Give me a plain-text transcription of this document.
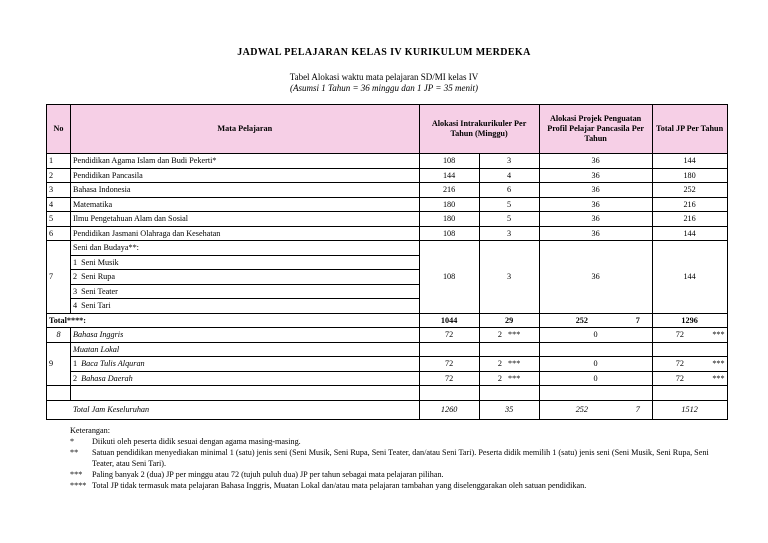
JADWAL PELAJARAN KELAS IV KURIKULUM MERDEKA
Tabel Alokasi waktu mata pelajaran SD/MI kelas IV
(Asumsi 1 Tahun = 36 minggu dan 1 JP = 35 menit)
No	Mata Pelajaran		Alokasi Intrakurikuler Per Tahun (Minggu)		Alokasi Projek Penguatan Profil Pelajar Pancasila Per Tahun		Total JP Per Tahun	
1	Pendidikan Agama Islam dan Budi Pekerti*		108	3	36		144	
2	Pendidikan Pancasila		144	4	36		180	
3	Bahasa Indonesia		216	6	36		252	
4	Matematika		180	5	36		216	
5	Ilmu Pengetahuan Alam dan Sosial		180	5	36		216	
6	Pendidikan Jasmani Olahraga dan Kesehatan		108	3	36		144	
7	Seni dan Budaya**:		108	3	36		144	
	1	Seni Musik						
	2	Seni Rupa						
	3	Seni Teater						
	4	Seni Tari						
Total****:			1044	29	252	7	1296	
8	Bahasa Inggris		72	2 ***	0		72	***
9	Muatan Lokal							
	1	Baca Tulis Alquran	72	2 ***	0		72	***
	2	Bahasa Daerah	72	2 ***	0		72	***

Total Jam Keseluruhan			1260	35	252	7	1512	
Keterangan:
*	Diikuti oleh peserta didik sesuai dengan agama masing-masing.
**	Satuan pendidikan menyediakan minimal 1 (satu) jenis seni (Seni Musik, Seni Rupa, Seni Teater, dan/atau Seni Tari). Peserta didik memilih 1 (satu) jenis seni (Seni Musik, Seni Rupa, Seni Teater, atau Seni Tari).
***	Paling banyak 2 (dua) JP per minggu atau 72 (tujuh puluh dua) JP per tahun sebagai mata pelajaran pilihan.
**** Total JP tidak termasuk mata pelajaran Bahasa Inggris, Muatan Lokal dan/atau mata pelajaran tambahan yang diselenggarakan oleh satuan pendidikan.
